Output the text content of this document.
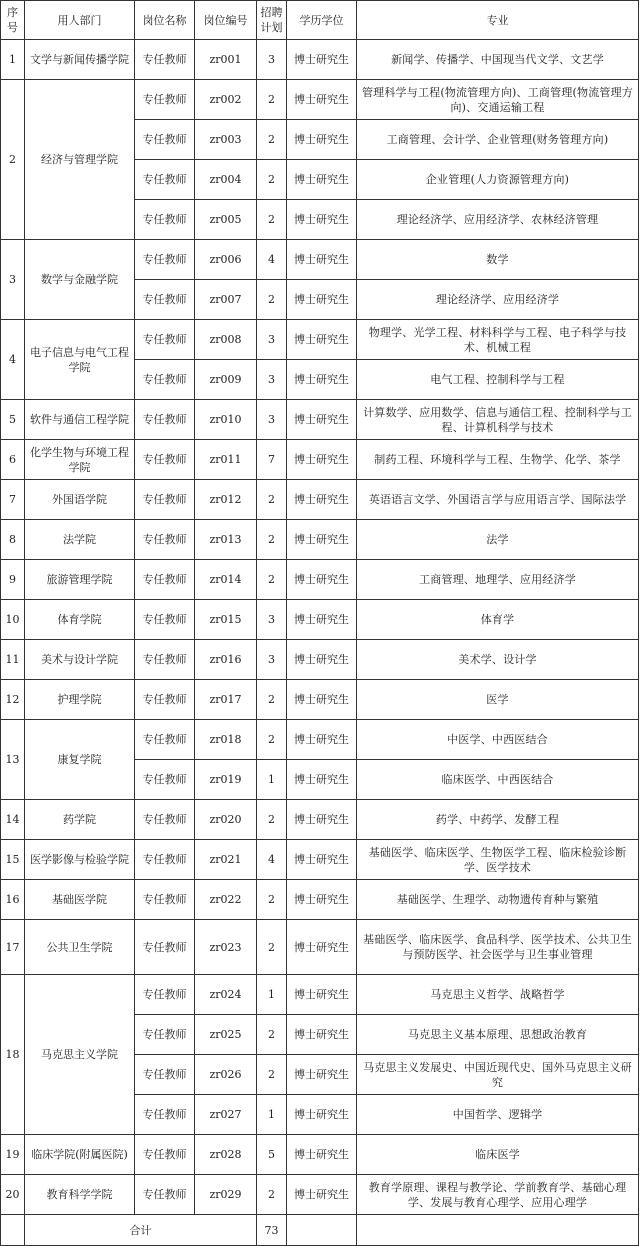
序号	用人部门	岗位名称	岗位编号	招聘计划	学历学位	专业
1	文学与新闻传播学院	专任教师	zr001	3	博士研究生	新闻学、传播学、中国现当代文学、文艺学
2	经济与管理学院	专任教师	zr002	2	博士研究生	管理科学与工程(物流管理方向)、工商管理(物流管理方向)、交通运输工程
		专任教师	zr003	2	博士研究生	工商管理、会计学、企业管理(财务管理方向)
		专任教师	zr004	2	博士研究生	企业管理(人力资源管理方向)
		专任教师	zr005	2	博士研究生	理论经济学、应用经济学、农林经济管理
3	数学与金融学院	专任教师	zr006	4	博士研究生	数学
		专任教师	zr007	2	博士研究生	理论经济学、应用经济学
4	电子信息与电气工程学院	专任教师	zr008	3	博士研究生	物理学、光学工程、材料科学与工程、电子科学与技术、机械工程
		专任教师	zr009	3	博士研究生	电气工程、控制科学与工程
5	软件与通信工程学院	专任教师	zr010	3	博士研究生	计算数学、应用数学、信息与通信工程、控制科学与工程、计算机科学与技术
6	化学生物与环境工程学院	专任教师	zr011	7	博士研究生	制药工程、环境科学与工程、生物学、化学、茶学
7	外国语学院	专任教师	zr012	2	博士研究生	英语语言文学、外国语言学与应用语言学、国际法学
8	法学院	专任教师	zr013	2	博士研究生	法学
9	旅游管理学院	专任教师	zr014	2	博士研究生	工商管理、地理学、应用经济学
10	体育学院	专任教师	zr015	3	博士研究生	体育学
11	美术与设计学院	专任教师	zr016	3	博士研究生	美术学、设计学
12	护理学院	专任教师	zr017	2	博士研究生	医学
13	康复学院	专任教师	zr018	2	博士研究生	中医学、中西医结合
		专任教师	zr019	1	博士研究生	临床医学、中西医结合
14	药学院	专任教师	zr020	2	博士研究生	药学、中药学、发酵工程
15	医学影像与检验学院	专任教师	zr021	4	博士研究生	基础医学、临床医学、生物医学工程、临床检验诊断学、医学技术
16	基础医学院	专任教师	zr022	2	博士研究生	基础医学、生理学、动物遗传育种与繁殖
17	公共卫生学院	专任教师	zr023	2	博士研究生	基础医学、临床医学、食品科学、医学技术、公共卫生与预防医学、社会医学与卫生事业管理
18	马克思主义学院	专任教师	zr024	1	博士研究生	马克思主义哲学、战略哲学
		专任教师	zr025	2	博士研究生	马克思主义基本原理、思想政治教育
		专任教师	zr026	2	博士研究生	马克思主义发展史、中国近现代史、国外马克思主义研究
		专任教师	zr027	1	博士研究生	中国哲学、逻辑学
19	临床学院(附属医院)	专任教师	zr028	5	博士研究生	临床医学
20	教育科学学院	专任教师	zr029	2	博士研究生	教育学原理、课程与教学论、学前教育学、基础心理学、发展与教育心理学、应用心理学
	合计			73		
